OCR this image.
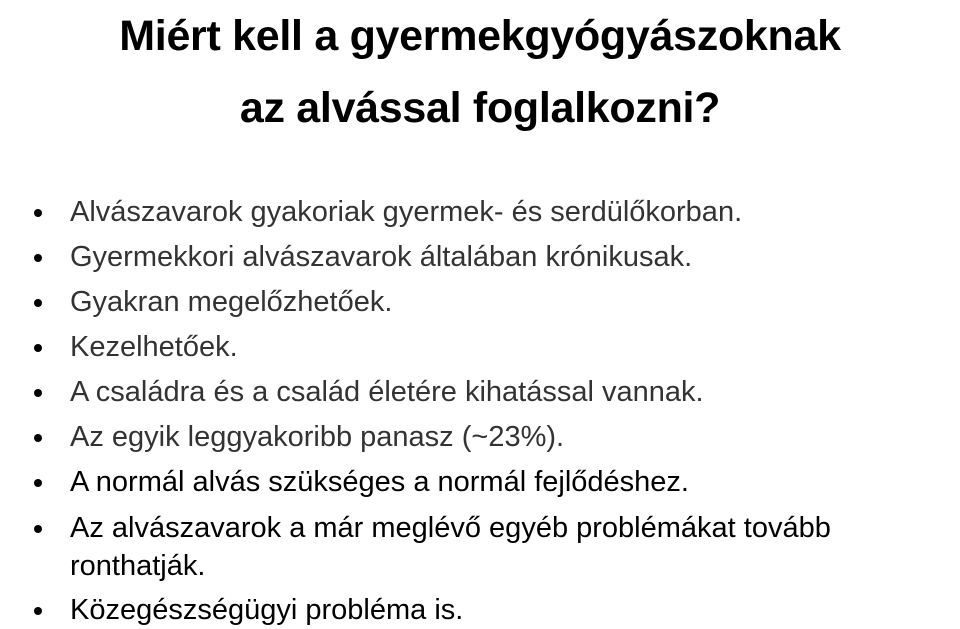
Miért kell a gyermekgyógyászoknak
az alvással foglalkozni?
Alvászavarok gyakoriak gyermek- és serdülőkorban.
Gyermekkori alvászavarok általában krónikusak.
Gyakran megelőzhetőek.
Kezelhetőek.
A családra és a család életére kihatással vannak.
Az egyik leggyakoribb panasz (~23%).
A normál alvás szükséges a normál fejlődéshez.
Az alvászavarok a már meglévő egyéb problémákat tovább ronthatják.
Közegészségügyi probléma is.
